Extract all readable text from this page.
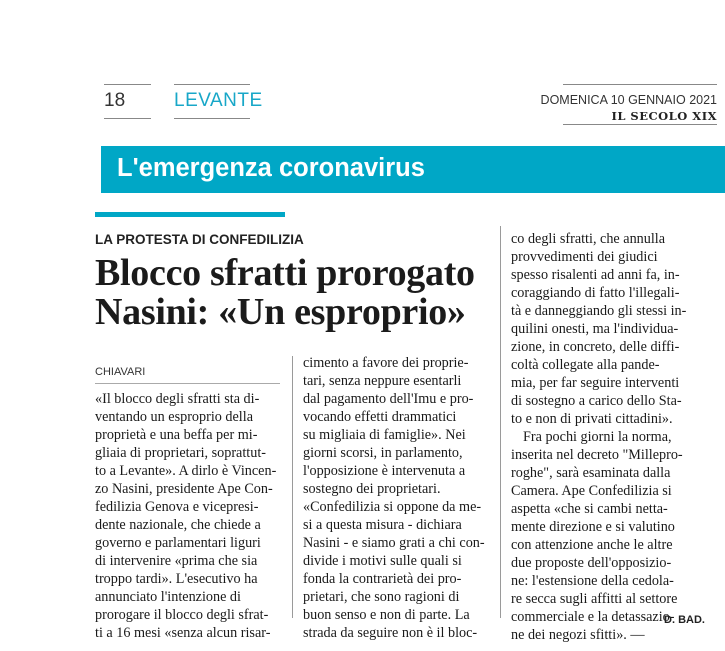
18	LEVANTE	DOMENICA 10 GENNAIO 2021
IL SECOLO XIX
L'emergenza coronavirus
LA PROTESTA DI CONFEDILIZIA
Blocco sfratti prorogato
Nasini: «Un esproprio»
CHIAVARI
«Il blocco degli sfratti sta di-
ventando un esproprio della
proprietà e una beffa per mi-
gliaia di proprietari, soprattut-
to a Levante». A dirlo è Vincen-
zo Nasini, presidente Ape Con-
fedilizia Genova e vicepresi-
dente nazionale, che chiede a
governo e parlamentari liguri
di intervenire «prima che sia
troppo tardi». L'esecutivo ha
annunciato l'intenzione di
prorogare il blocco degli sfrat-
ti a 16 mesi «senza alcun risar-
cimento a favore dei proprie-
tari, senza neppure esentarli
dal pagamento dell'Imu e pro-
vocando effetti drammatici
su migliaia di famiglie». Nei
giorni scorsi, in parlamento,
l'opposizione è intervenuta a
sostegno dei proprietari.
«Confedilizia si oppone da me-
si a questa misura - dichiara
Nasini - e siamo grati a chi con-
divide i motivi sulle quali si
fonda la contrarietà dei pro-
prietari, che sono ragioni di
buon senso e non di parte. La
strada da seguire non è il bloc-
co degli sfratti, che annulla
provvedimenti dei giudici
spesso risalenti ad anni fa, in-
coraggiando di fatto l'illegali-
tà e danneggiando gli stessi in-
quilini onesti, ma l'individua-
zione, in concreto, delle diffi-
coltà collegate alla pande-
mia, per far seguire interventi
di sostegno a carico dello Sta-
to e non di privati cittadini».
Fra pochi giorni la norma,
inserita nel decreto "Millepro-
roghe", sarà esaminata dalla
Camera. Ape Confedilizia si
aspetta «che si cambi netta-
mente direzione e si valutino
con attenzione anche le altre
due proposte dell'opposizio-
ne: l'estensione della cedola-
re secca sugli affitti al settore
commerciale e la detassazio-
ne dei negozi sfitti». —
D. BAD.
